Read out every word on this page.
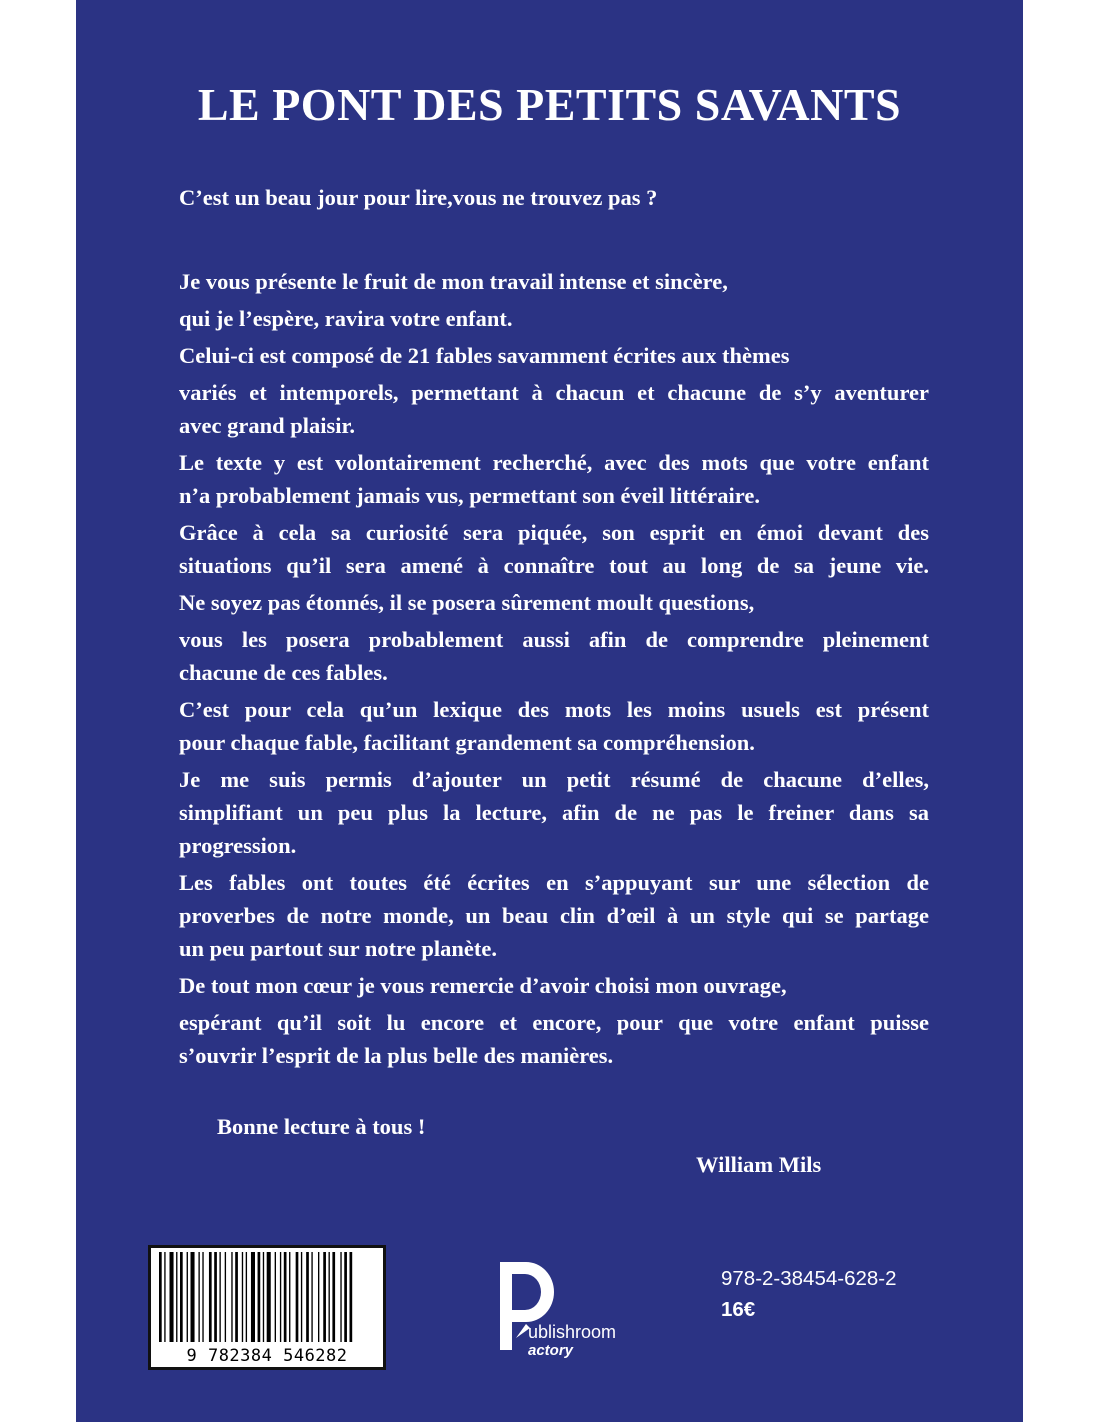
LE PONT DES PETITS SAVANTS
C’est un beau jour pour lire,vous ne trouvez pas ?
Je vous présente le fruit de mon travail intense et sincère,
qui je l’espère, ravira votre enfant.
Celui-ci est composé de 21 fables savamment écrites aux thèmes
variés et intemporels, permettant à chacun et chacune de s’y aventurer
avec grand plaisir.
Le texte y est volontairement recherché, avec des mots que votre enfant
n’a probablement jamais vus, permettant son éveil littéraire.
Grâce à cela sa curiosité sera piquée, son esprit en émoi devant des
situations qu’il sera amené à connaître tout au long de sa jeune vie.
Ne soyez pas étonnés, il se posera sûrement moult questions,
vous les posera probablement aussi afin de comprendre pleinement
chacune de ces fables.
C’est pour cela qu’un lexique des mots les moins usuels est présent
pour chaque fable, facilitant grandement sa compréhension.
Je me suis permis d’ajouter un petit résumé de chacune d’elles,
simplifiant un peu plus la lecture, afin de ne pas le freiner dans sa
progression.
Les fables ont toutes été écrites en s’appuyant sur une sélection de
proverbes de notre monde, un beau clin d’œil à un style qui se partage
un peu partout sur notre planète.
De tout mon cœur je vous remercie d’avoir choisi mon ouvrage,
espérant qu’il soit lu encore et encore, pour que votre enfant puisse
s’ouvrir l’esprit de la plus belle des manières.
Bonne lecture à tous !
William Mils
9 782384 546282
ublishroom
actory
978-2-38454-628-2
16€
